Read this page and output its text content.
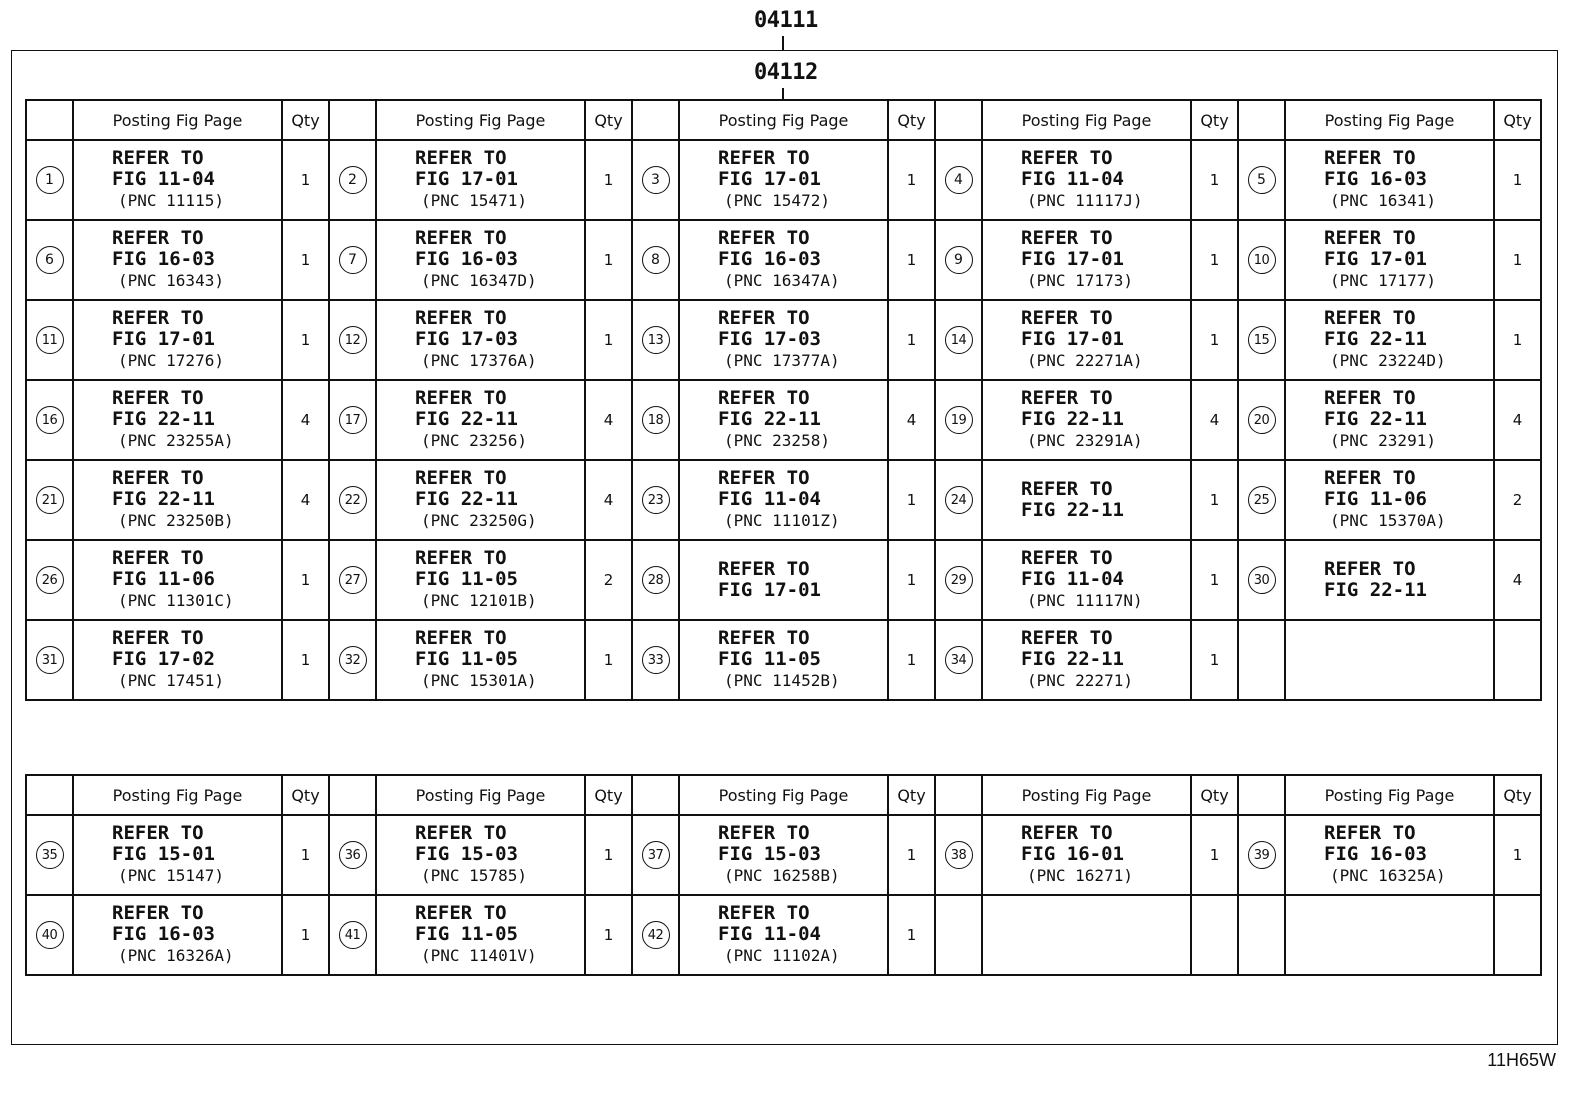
04111
04112
	Posting Fig Page	Qty		Posting Fig Page	Qty		Posting Fig Page	Qty		Posting Fig Page	Qty		Posting Fig Page	Qty
1	REFER TO
FIG 11-04
(PNC 11115)	1	2	REFER TO
FIG 17-01
(PNC 15471)	1	3	REFER TO
FIG 17-01
(PNC 15472)	1	4	REFER TO
FIG 11-04
(PNC 11117J)	1	5	REFER TO
FIG 16-03
(PNC 16341)	1
6	REFER TO
FIG 16-03
(PNC 16343)	1	7	REFER TO
FIG 16-03
(PNC 16347D)	1	8	REFER TO
FIG 16-03
(PNC 16347A)	1	9	REFER TO
FIG 17-01
(PNC 17173)	1	10	REFER TO
FIG 17-01
(PNC 17177)	1
11	REFER TO
FIG 17-01
(PNC 17276)	1	12	REFER TO
FIG 17-03
(PNC 17376A)	1	13	REFER TO
FIG 17-03
(PNC 17377A)	1	14	REFER TO
FIG 17-01
(PNC 22271A)	1	15	REFER TO
FIG 22-11
(PNC 23224D)	1
16	REFER TO
FIG 22-11
(PNC 23255A)	4	17	REFER TO
FIG 22-11
(PNC 23256)	4	18	REFER TO
FIG 22-11
(PNC 23258)	4	19	REFER TO
FIG 22-11
(PNC 23291A)	4	20	REFER TO
FIG 22-11
(PNC 23291)	4
21	REFER TO
FIG 22-11
(PNC 23250B)	4	22	REFER TO
FIG 22-11
(PNC 23250G)	4	23	REFER TO
FIG 11-04
(PNC 11101Z)	1	24	REFER TO
FIG 22-11	1	25	REFER TO
FIG 11-06
(PNC 15370A)	2
26	REFER TO
FIG 11-06
(PNC 11301C)	1	27	REFER TO
FIG 11-05
(PNC 12101B)	2	28	REFER TO
FIG 17-01	1	29	REFER TO
FIG 11-04
(PNC 11117N)	1	30	REFER TO
FIG 22-11	4
31	REFER TO
FIG 17-02
(PNC 17451)	1	32	REFER TO
FIG 11-05
(PNC 15301A)	1	33	REFER TO
FIG 11-05
(PNC 11452B)	1	34	REFER TO
FIG 22-11
(PNC 22271)	1			
	Posting Fig Page	Qty		Posting Fig Page	Qty		Posting Fig Page	Qty		Posting Fig Page	Qty		Posting Fig Page	Qty
35	REFER TO
FIG 15-01
(PNC 15147)	1	36	REFER TO
FIG 15-03
(PNC 15785)	1	37	REFER TO
FIG 15-03
(PNC 16258B)	1	38	REFER TO
FIG 16-01
(PNC 16271)	1	39	REFER TO
FIG 16-03
(PNC 16325A)	1
40	REFER TO
FIG 16-03
(PNC 16326A)	1	41	REFER TO
FIG 11-05
(PNC 11401V)	1	42	REFER TO
FIG 11-04
(PNC 11102A)	1						
11H65W
